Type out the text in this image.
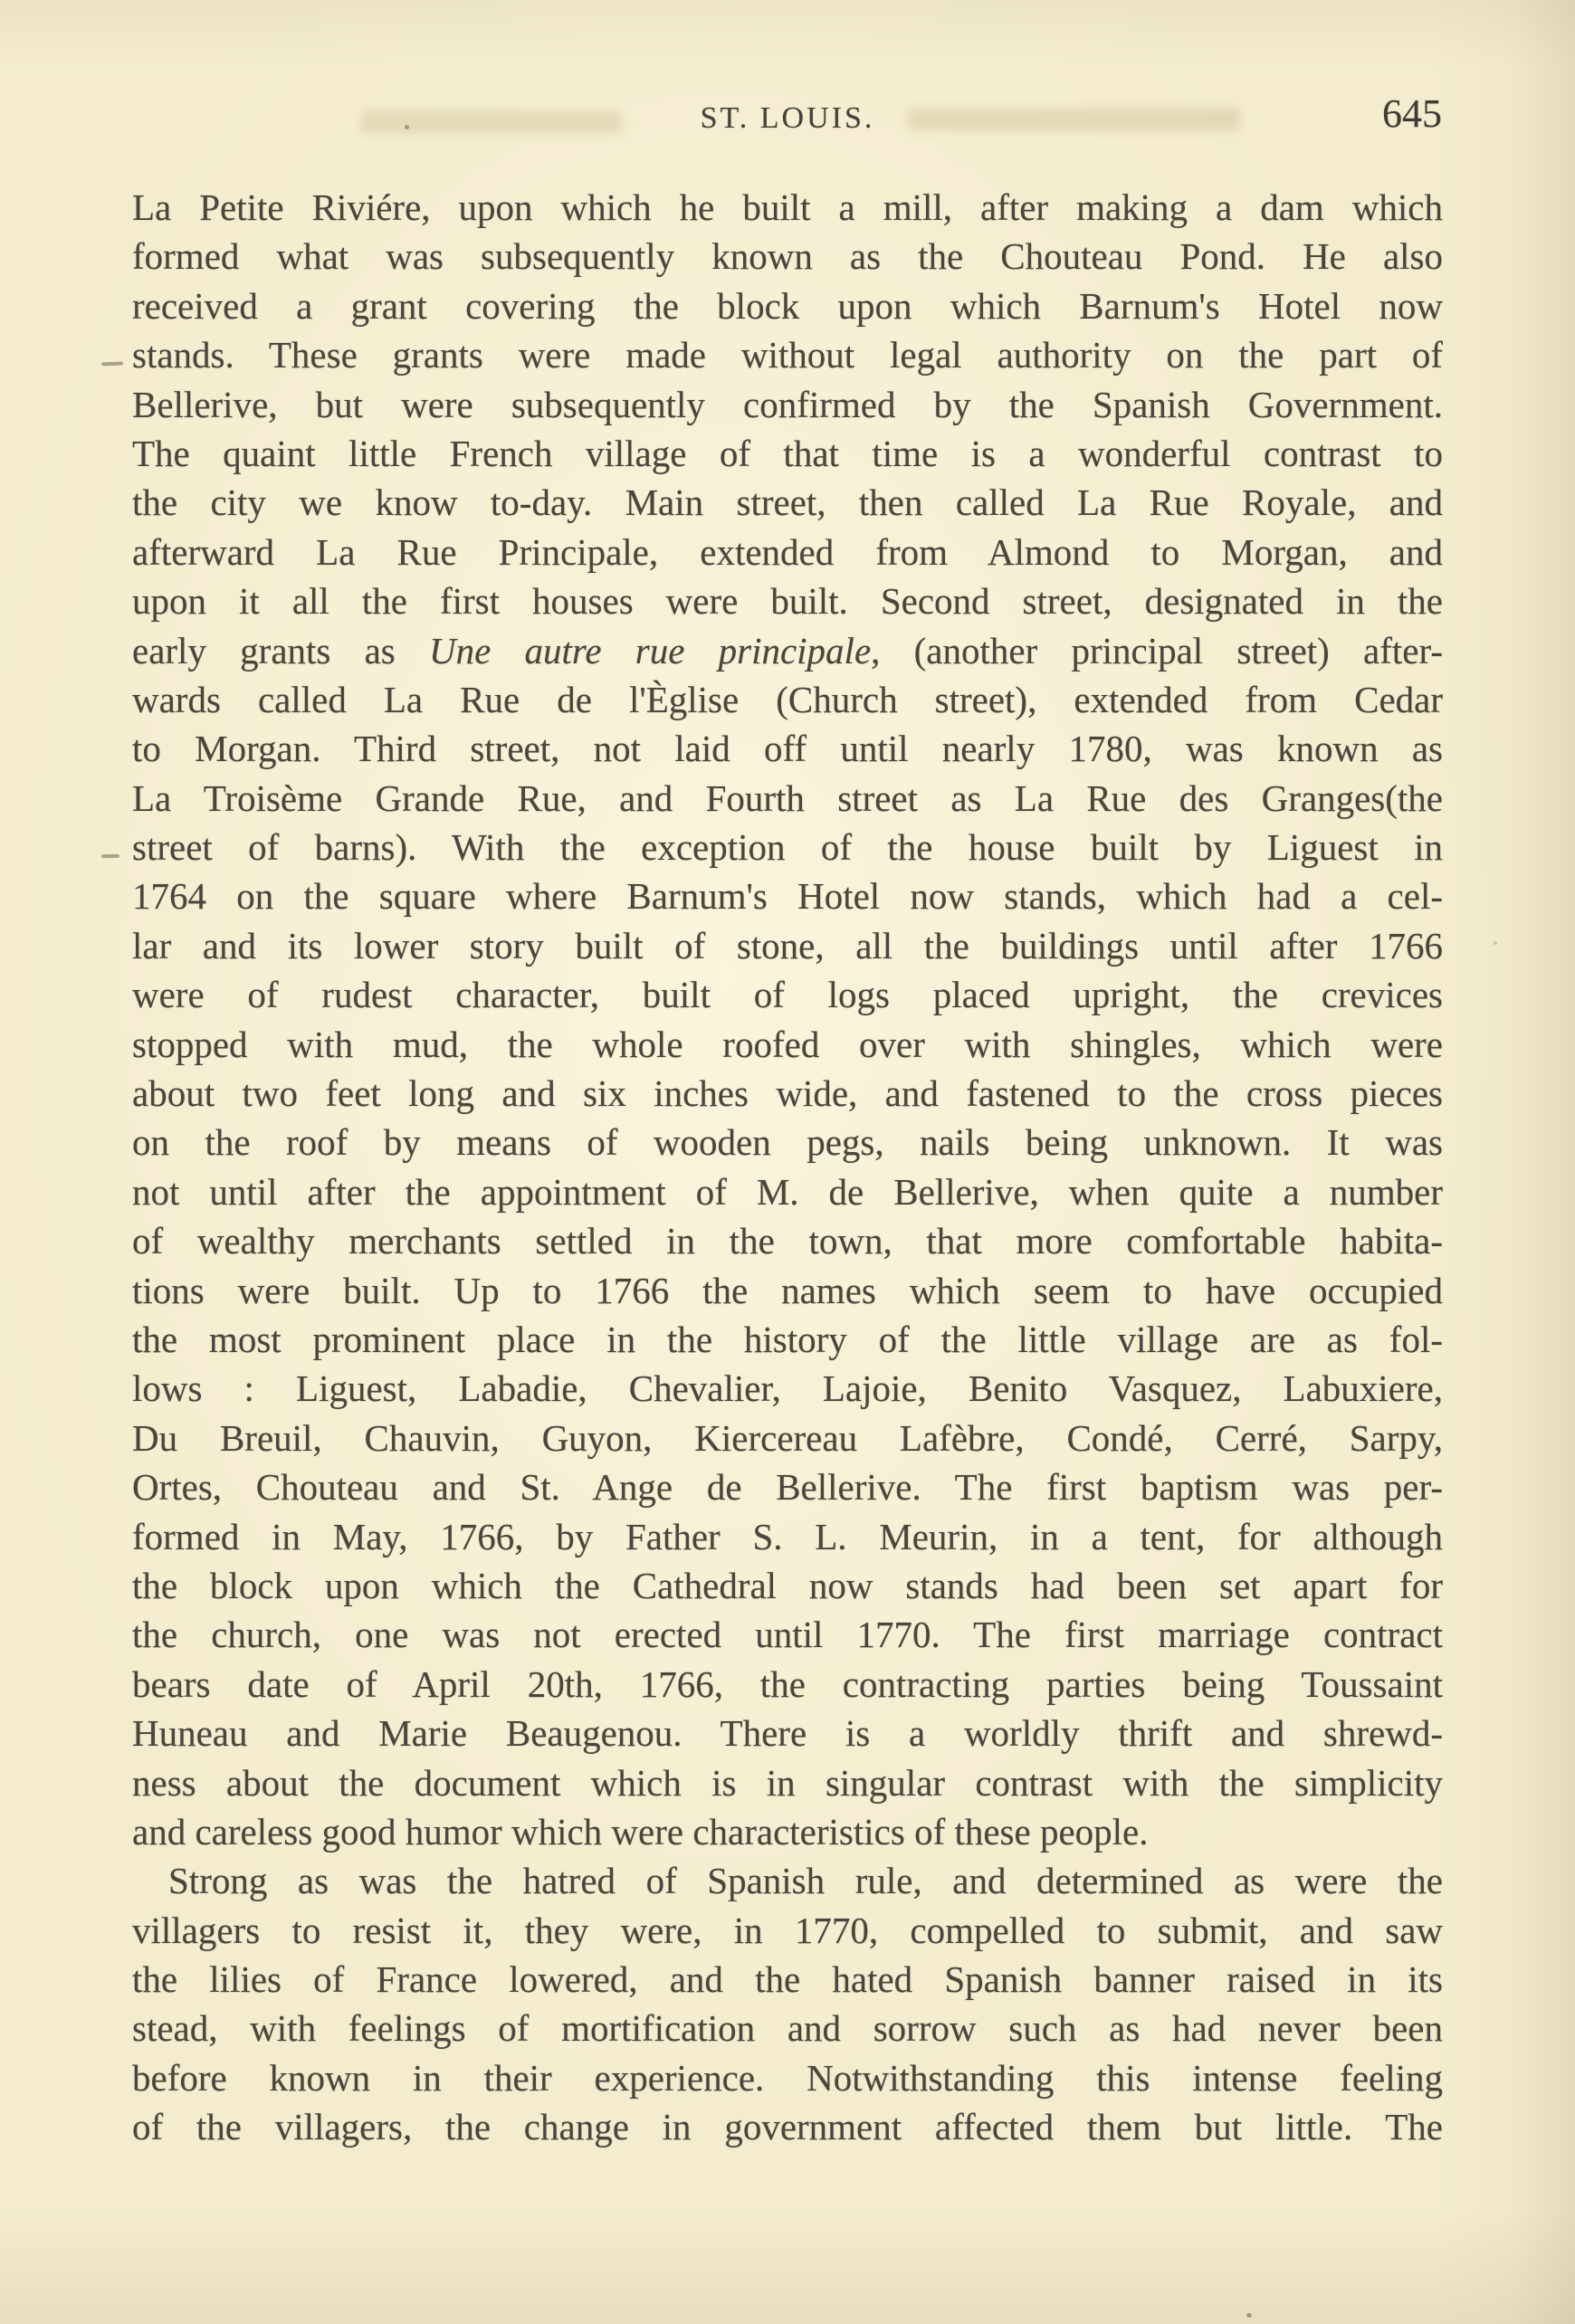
ST. LOUIS.	645
La Petite Riviére, upon which he built a mill, after making a dam which
formed what was subsequently known as the Chouteau Pond. He also
received a grant covering the block upon which Barnum's Hotel now
stands. These grants were made without legal authority on the part of
Bellerive, but were subsequently confirmed by the Spanish Government.
The quaint little French village of that time is a wonderful contrast to
the city we know to-day. Main street, then called La Rue Royale, and
afterward La Rue Principale, extended from Almond to Morgan, and
upon it all the first houses were built. Second street, designated in the
early grants as Une autre rue principale, (another principal street) after-
wards called La Rue de l'Èglise (Church street), extended from Cedar
to Morgan. Third street, not laid off until nearly 1780, was known as
La Troisème Grande Rue, and Fourth street as La Rue des Granges(the
street of barns). With the exception of the house built by Liguest in
1764 on the square where Barnum's Hotel now stands, which had a cel-
lar and its lower story built of stone, all the buildings until after 1766
were of rudest character, built of logs placed upright, the crevices
stopped with mud, the whole roofed over with shingles, which were
about two feet long and six inches wide, and fastened to the cross pieces
on the roof by means of wooden pegs, nails being unknown. It was
not until after the appointment of M. de Bellerive, when quite a number
of wealthy merchants settled in the town, that more comfortable habita-
tions were built. Up to 1766 the names which seem to have occupied
the most prominent place in the history of the little village are as fol-
lows : Liguest, Labadie, Chevalier, Lajoie, Benito Vasquez, Labuxiere,
Du Breuil, Chauvin, Guyon, Kiercereau Lafèbre, Condé, Cerré, Sarpy,
Ortes, Chouteau and St. Ange de Bellerive. The first baptism was per-
formed in May, 1766, by Father S. L. Meurin, in a tent, for although
the block upon which the Cathedral now stands had been set apart for
the church, one was not erected until 1770. The first marriage contract
bears date of April 20th, 1766, the contracting parties being Toussaint
Huneau and Marie Beaugenou. There is a worldly thrift and shrewd-
ness about the document which is in singular contrast with the simplicity
and careless good humor which were characteristics of these people.
Strong as was the hatred of Spanish rule, and determined as were the
villagers to resist it, they were, in 1770, compelled to submit, and saw
the lilies of France lowered, and the hated Spanish banner raised in its
stead, with feelings of mortification and sorrow such as had never been
before known in their experience. Notwithstanding this intense feeling
of the villagers, the change in government affected them but little. The
